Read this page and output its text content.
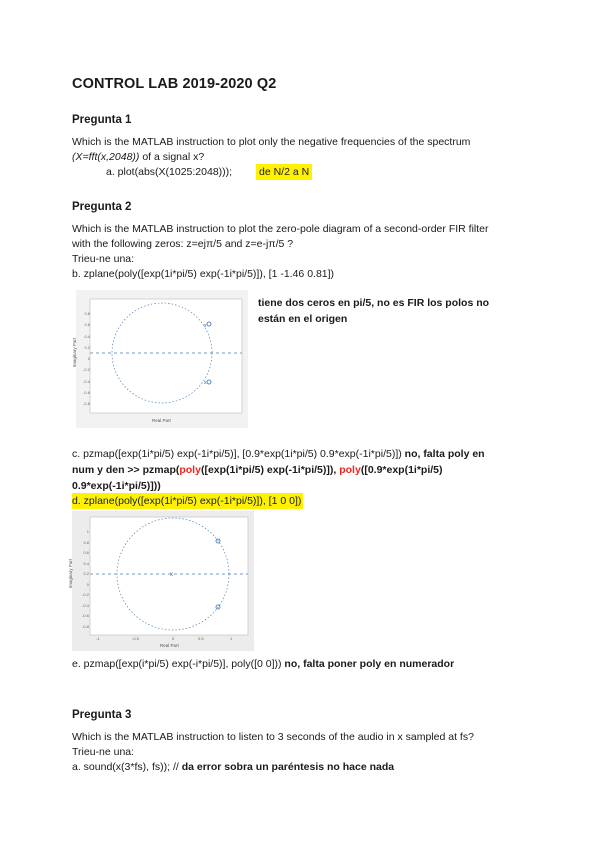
CONTROL LAB 2019-2020 Q2
Pregunta 1
Which is the MATLAB instruction to plot only the negative frequencies of the spectrum
(X=fft(x,2048)) of a signal x?
a. plot(abs(X(1025:2048)));	de N/2 a N
Pregunta 2
Which is the MATLAB instruction to plot the zero-pole diagram of a second-order FIR filter
with the following zeros: z=ejπ/5 and z=e-jπ/5 ?
Trieu-ne una:
b. zplane(poly([exp(1i*pi/5) exp(-1i*pi/5)]), [1 -1.46 0.81])
x
x
0.8
0.6
0.4
0.2
0
-0.2
-0.4
-0.6
-0.8
Imaginary Part
Real Part
tiene dos ceros en pi/5, no es FIR los polos no
están en el origen
c. pzmap([exp(1i*pi/5) exp(-1i*pi/5)], [0.9*exp(1i*pi/5) 0.9*exp(-1i*pi/5)]) no, falta poly en
num y den >> pzmap(poly([exp(1i*pi/5) exp(-1i*pi/5)]), poly([0.9*exp(1i*pi/5)
0.9*exp(-1i*pi/5)]))
d. zplane(poly([exp(1i*pi/5) exp(-1i*pi/5)]), [1 0 0])
x
1
0.8
0.6
0.4
0.2
0
-0.2
-0.4
-0.6
-0.8
-1	-0.5	0	0.5	1
Imaginary Part
Real Part
e. pzmap([exp(i*pi/5) exp(-i*pi/5)], poly([0 0])) no, falta poner poly en numerador
Pregunta 3
Which is the MATLAB instruction to listen to 3 seconds of the audio in x sampled at fs?
Trieu-ne una:
a. sound(x(3*fs), fs)); // da error sobra un paréntesis no hace nada
